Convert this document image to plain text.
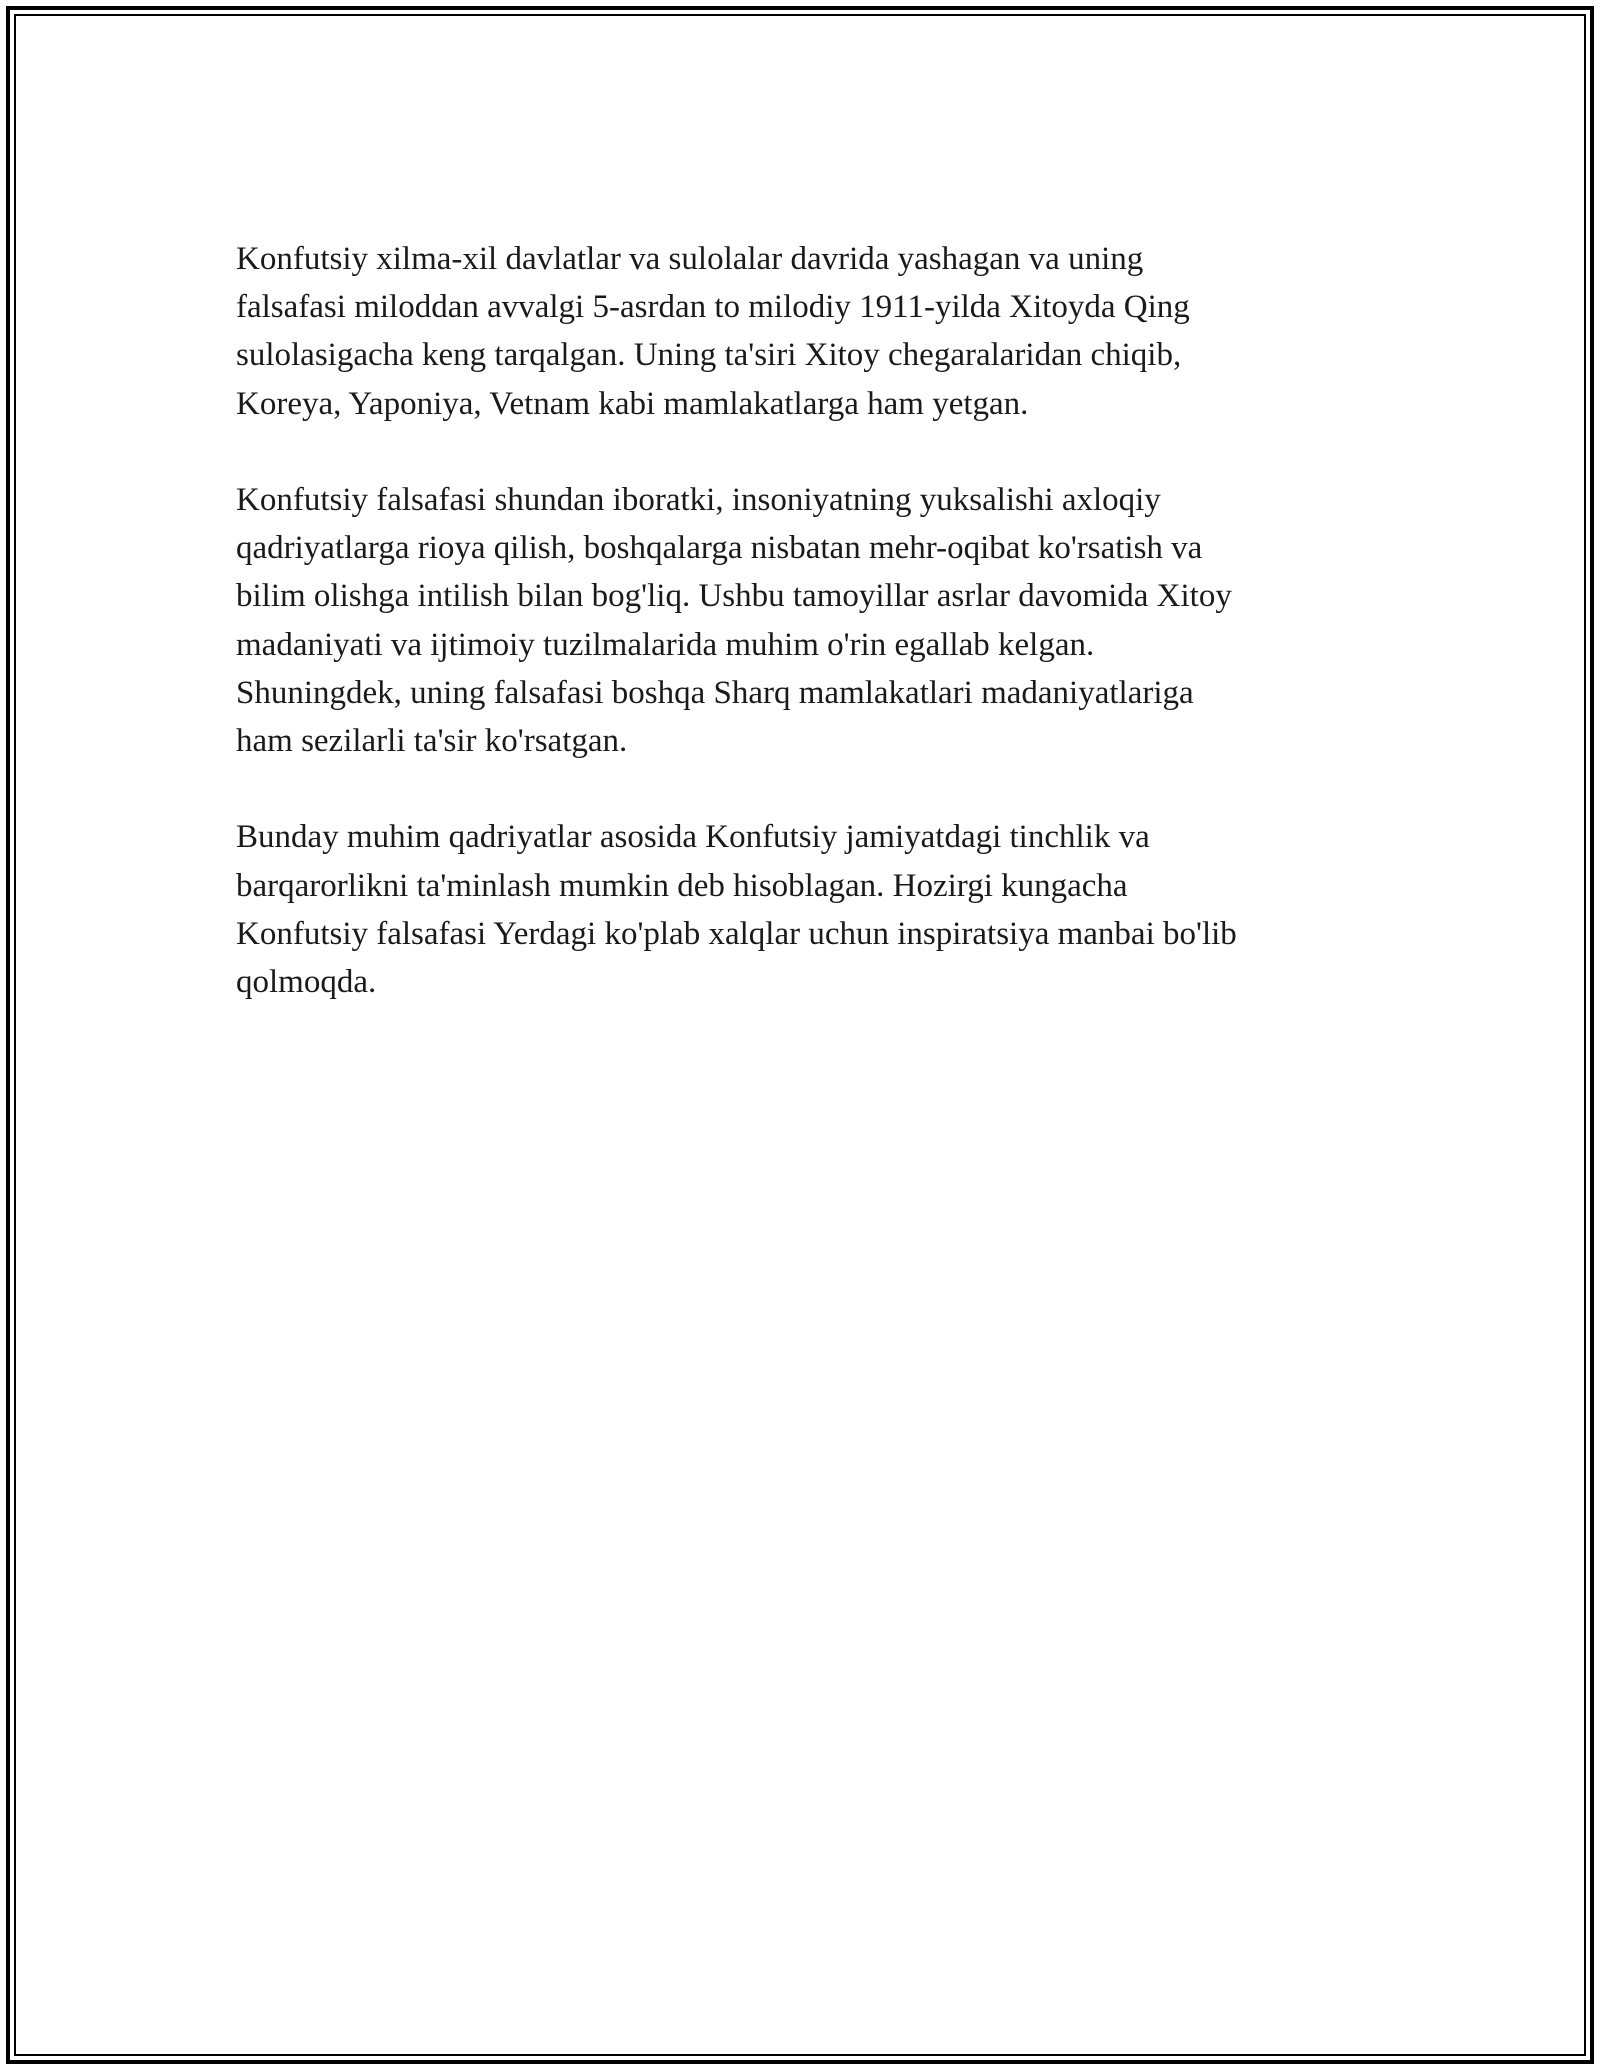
Konfutsiy xilma-xil davlatlar va sulolalar davrida yashagan va uning
falsafasi miloddan avvalgi 5-asrdan to milodiy 1911-yilda Xitoyda Qing
sulolasigacha keng tarqalgan. Uning ta'siri Xitoy chegaralaridan chiqib,
Koreya, Yaponiya, Vetnam kabi mamlakatlarga ham yetgan.

Konfutsiy falsafasi shundan iboratki, insoniyatning yuksalishi axloqiy
qadriyatlarga rioya qilish, boshqalarga nisbatan mehr-oqibat ko'rsatish va
bilim olishga intilish bilan bog'liq. Ushbu tamoyillar asrlar davomida Xitoy
madaniyati va ijtimoiy tuzilmalarida muhim o'rin egallab kelgan.
Shuningdek, uning falsafasi boshqa Sharq mamlakatlari madaniyatlariga
ham sezilarli ta'sir ko'rsatgan.

Bunday muhim qadriyatlar asosida Konfutsiy jamiyatdagi tinchlik va
barqarorlikni ta'minlash mumkin deb hisoblagan. Hozirgi kungacha
Konfutsiy falsafasi Yerdagi ko'plab xalqlar uchun inspiratsiya manbai bo'lib
qolmoqda.
